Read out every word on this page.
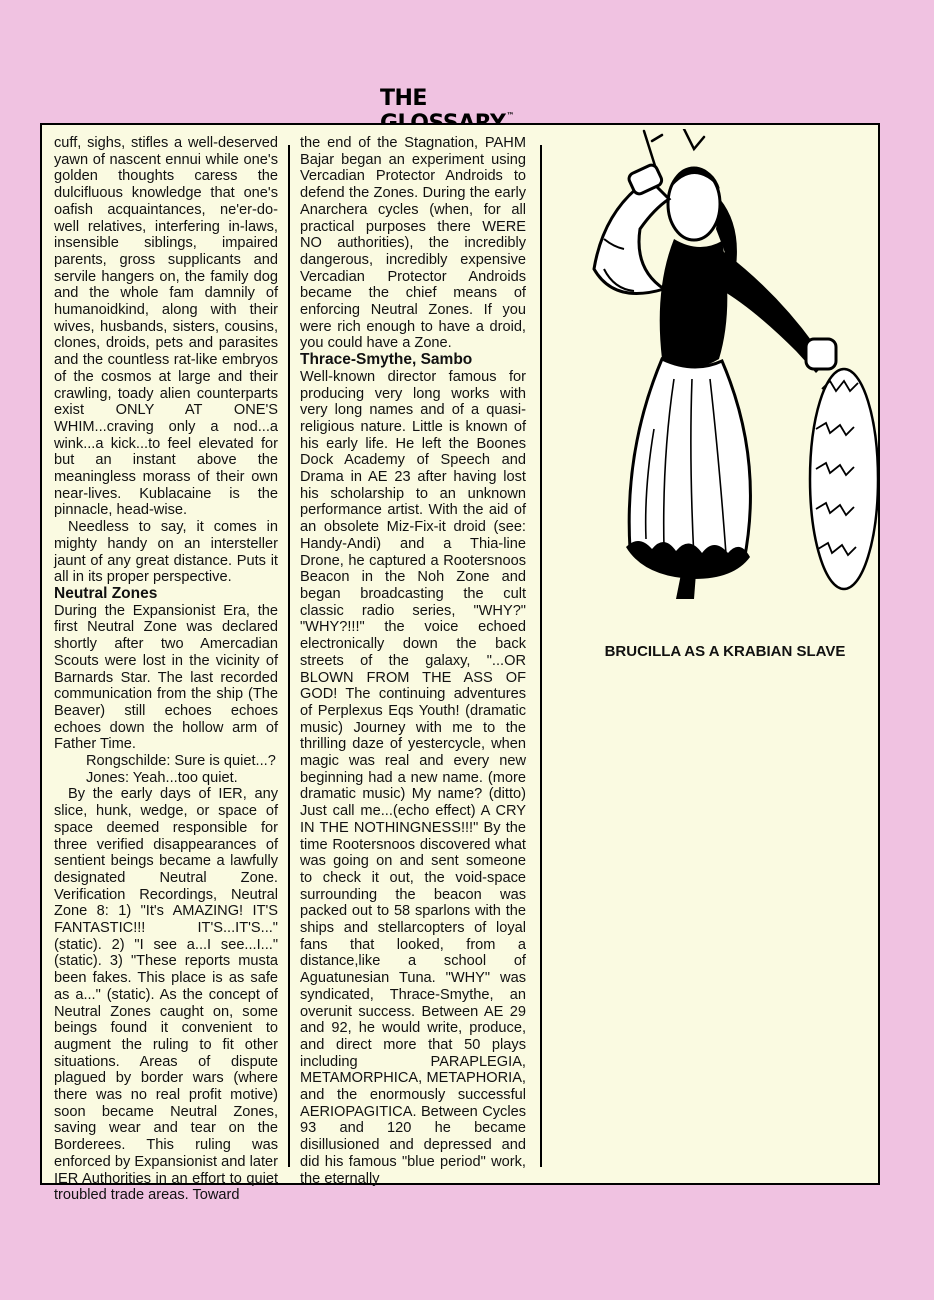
THE ™

cuff, sighs, stifles a well-deserved yawn of nascent ennui while one's golden thoughts caress the dulcifluous knowledge that one's oafish acquaintances, ne'er-do-well relatives, interfering in-laws, insensible siblings, impaired parents, gross supplicants and servile hangers on, the family dog and the whole fam damnily of humanoidkind, along with their wives, husbands, sisters, cousins, clones, droids, pets and parasites and the countless rat-like embryos of the cosmos at large and their crawling, toady alien counterparts exist ONLY AT ONE'S WHIM...craving only a nod...a wink...a kick...to feel elevated for but an instant above the meaningless morass of their own near-lives. Kublacaine is the pinnacle, head-wise.

Needless to say, it comes in mighty handy on an intersteller jaunt of any great distance. Puts it all in its proper perspective.

Neutral Zones

During the Expansionist Era, the first Neutral Zone was declared shortly after two Amercadian Scouts were lost in the vicinity of Barnards Star. The last recorded communication from the ship (The Beaver) still echoes echoes echoes down the hollow arm of Father Time.

Rongschilde: Sure is quiet...?

Jones: Yeah...too quiet.

By the early days of IER, any slice, hunk, wedge, or space of space deemed responsible for three verified disappearances of sentient beings became a lawfully designated Neutral Zone. Verification Recordings, Neutral Zone 8: 1) "It's AMAZING! IT'S FANTASTIC!!! IT'S...IT'S..." (static). 2) "I see a...I see...I..." (static). 3) "These reports musta been fakes. This place is as safe as a..." (static). As the concept of Neutral Zones caught on, some beings found it convenient to augment the ruling to fit other situations. Areas of dispute plagued by border wars (where there was no real profit motive) soon became Neutral Zones, saving wear and tear on the Borderees. This ruling was enforced by Expansionist and later IER Authorities in an effort to quiet troubled trade areas. Toward

the end of the Stagnation, PAHM Bajar began an experiment using Vercadian Protector Androids to defend the Zones. During the early Anarchera cycles (when, for all practical purposes there WERE NO authorities), the incredibly dangerous, incredibly expensive Vercadian Protector Androids became the chief means of enforcing Neutral Zones. If you were rich enough to have a droid, you could have a Zone.

Thrace-Smythe, Sambo

Well-known director famous for producing very long works with very long names and of a quasi-religious nature. Little is known of his early life. He left the Boones Dock Academy of Speech and Drama in AE 23 after having lost his scholarship to an unknown performance artist. With the aid of an obsolete Miz-Fix-it droid (see: Handy-Andi) and a Thia-line Drone, he captured a Rootersnoos Beacon in the Noh Zone and began broadcasting the cult classic radio series, "WHY?" "WHY?!!!" the voice echoed electronically down the back streets of the galaxy, "...OR BLOWN FROM THE ASS OF GOD! The continuing adventures of Perplexus Eqs Youth! (dramatic music) Journey with me to the thrilling daze of yestercycle, when magic was real and every new beginning had a new name. (more dramatic music) My name? (ditto) Just call me...(echo effect) A CRY IN THE NOTHINGNESS!!!" By the time Rootersnoos discovered what was going on and sent someone to check it out, the void-space surrounding the beacon was packed out to 58 sparlons with the ships and stellarcopters of loyal fans that looked, from a distance,like a school of Aguatunesian Tuna. "WHY" was syndicated, Thrace-Smythe, an overunit success. Between AE 29 and 92, he would write, produce, and direct more that 50 plays including PARAPLEGIA, METAMORPHICA, METAPHORIA, and the enormously successful AERIOPAGITICA. Between Cycles 93 and 120 he became disillusioned and depressed and did his famous "blue period" work, the eternally

BRUCILLA AS A KRABIAN SLAVE
